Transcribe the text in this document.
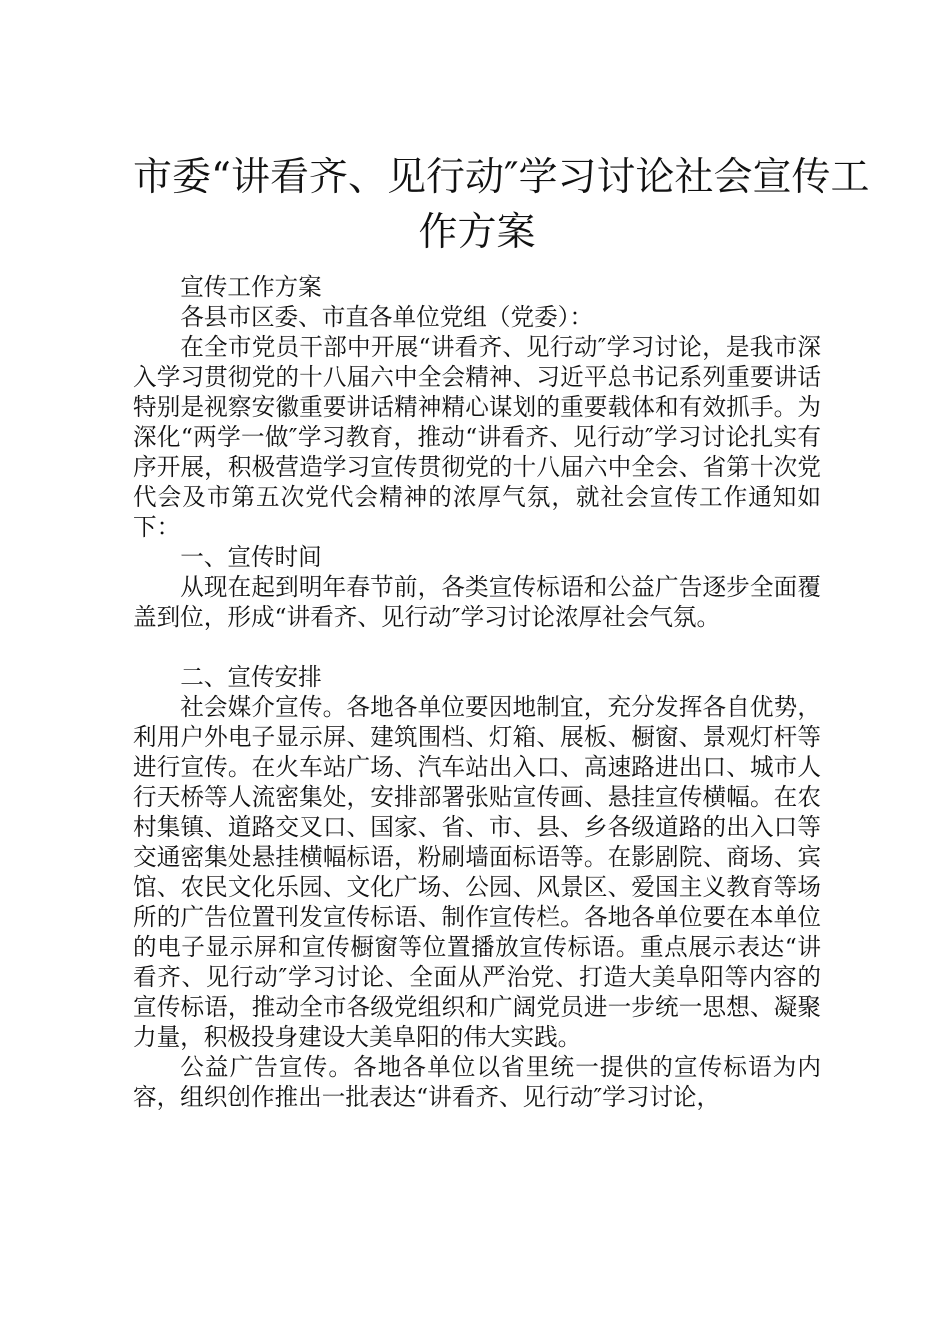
市委“讲看齐、见行动″学习讨论社会宣传工
作方案

宣传工作方案

各县市区委、市直各单位党组（党委）：

在全市党员干部中开展“讲看齐、见行动″学习讨论，是我市深入学习贯彻党的十八届六中全会精神、习近平总书记系列重要讲话特别是视察安徽重要讲话精神精心谋划的重要载体和有效抓手。为深化“两学一做″学习教育，推动“讲看齐、见行动″学习讨论扎实有序开展，积极营造学习宣传贯彻党的十八届六中全会、省第十次党代会及市第五次党代会精神的浓厚气氛，就社会宣传工作通知如下：

一、宣传时间

从现在起到明年春节前，各类宣传标语和公益广告逐步全面覆盖到位，形成“讲看齐、见行动″学习讨论浓厚社会气氛。

二、宣传安排

社会媒介宣传。各地各单位要因地制宜，充分发挥各自优势，利用户外电子显示屏、建筑围档、灯箱、展板、橱窗、景观灯杆等进行宣传。在火车站广场、汽车站出入口、高速路进出口、城市人行天桥等人流密集处，安排部署张贴宣传画、悬挂宣传横幅。在农村集镇、道路交叉口、国家、省、市、县、乡各级道路的出入口等交通密集处悬挂横幅标语，粉刷墙面标语等。在影剧院、商场、宾馆、农民文化乐园、文化广场、公园、风景区、爱国主义教育等场所的广告位置刊发宣传标语、制作宣传栏。各地各单位要在本单位的电子显示屏和宣传橱窗等位置播放宣传标语。重点展示表达“讲看齐、见行动″学习讨论、全面从严治党、打造大美阜阳等内容的宣传标语，推动全市各级党组织和广阔党员进一步统一思想、凝聚力量，积极投身建设大美阜阳的伟大实践。

公益广告宣传。各地各单位以省里统一提供的宣传标语为内容，组织创作推出一批表达“讲看齐、见行动″学习讨论，
